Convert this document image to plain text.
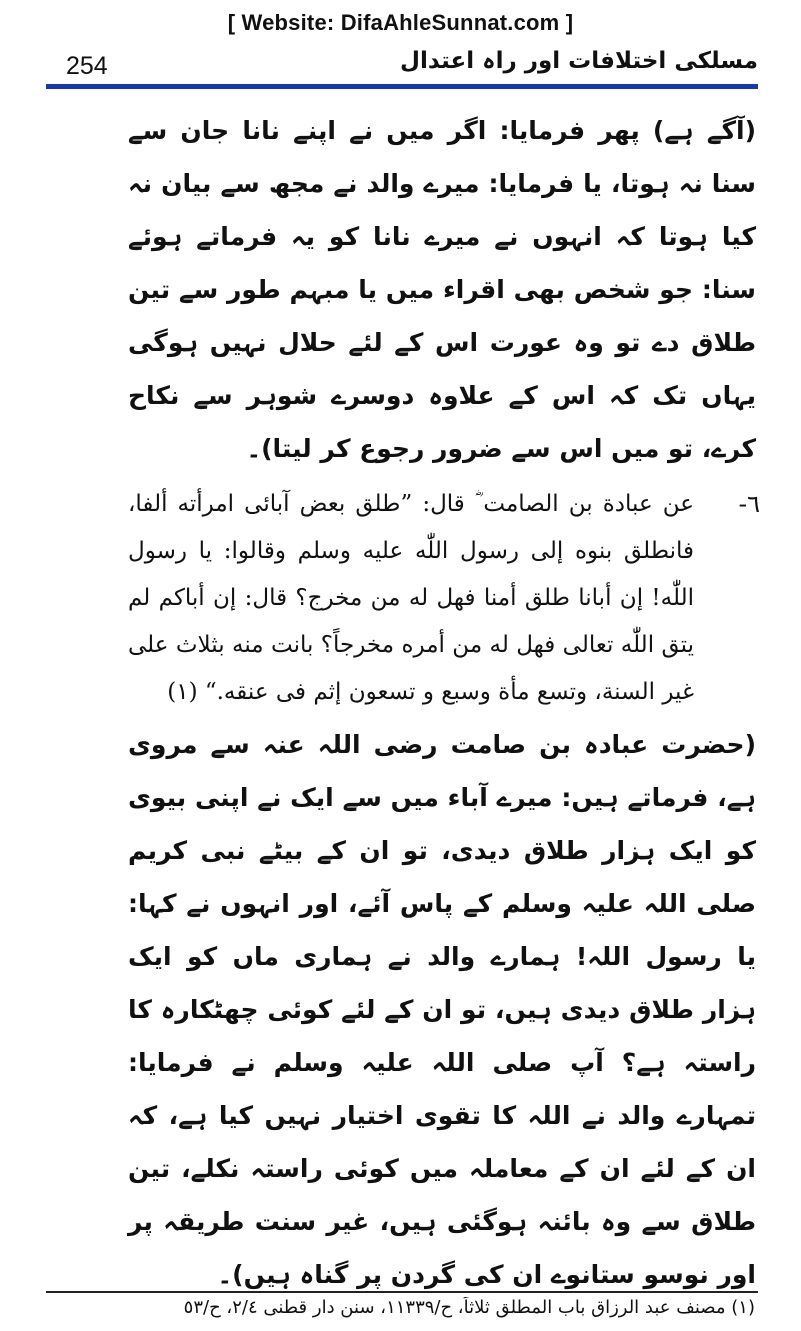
[ Website: DifaAhleSunnat.com ]
254	مسلکی اختلافات اور راہ اعتدال

(آگے ہے) پھر فرمایا: اگر میں نے اپنے نانا جان سے سنا نہ ہوتا، یا فرمایا: میرے والد نے مجھ سے بیان نہ کیا ہوتا کہ انہوں نے میرے نانا کو یہ فرماتے ہوئے سنا: جو شخص بھی اقراء میں یا مبہم طور سے تین طلاق دے تو وہ عورت اس کے لئے حلال نہیں ہوگی یہاں تک کہ اس کے علاوہ دوسرے شوہر سے نکاح کرے، تو میں اس سے ضرور رجوع کر لیتا)۔

٦-

عن عبادة بن الصامت ؓ قال: ”طلق بعض آبائی امرأته ألفا، فانطلق بنوه إلى رسول اللّٰه عليه وسلم وقالوا: يا رسول اللّٰه! إن أبانا طلق أمنا فهل له من مخرج؟ قال: إن أباكم لم يتق اللّٰه تعالى فهل له من أمره مخرجاً؟ بانت منه بثلاث على غير السنة، وتسع مأة وسبع و تسعون إثم فی عنقه.“ (١)

(حضرت عبادہ بن صامت رضی اللہ عنہ سے مروی ہے، فرماتے ہیں: میرے آباء میں سے ایک نے اپنی بیوی کو ایک ہزار طلاق دیدی، تو ان کے بیٹے نبی کریم صلی اللہ علیہ وسلم کے پاس آئے، اور انہوں نے کہا: یا رسول اللہ! ہمارے والد نے ہماری ماں کو ایک ہزار طلاق دیدی ہیں، تو ان کے لئے کوئی چھٹکارہ کا راستہ ہے؟ آپ صلی اللہ علیہ وسلم نے فرمایا: تمہارے والد نے اللہ کا تقوی اختیار نہیں کیا ہے، کہ ان کے لئے ان کے معاملہ میں کوئی راستہ نکلے، تین طلاق سے وہ بائنہ ہوگئی ہیں، غیر سنت طریقہ پر اور نوسو ستانوے ان کی گردن پر گناہ ہیں)۔

(١) مصنف عبد الرزاق باب المطلق ثلاثاً، ح/١١٣٣٩، سنن دار قطنی ٢/٤، ح/٥٣
